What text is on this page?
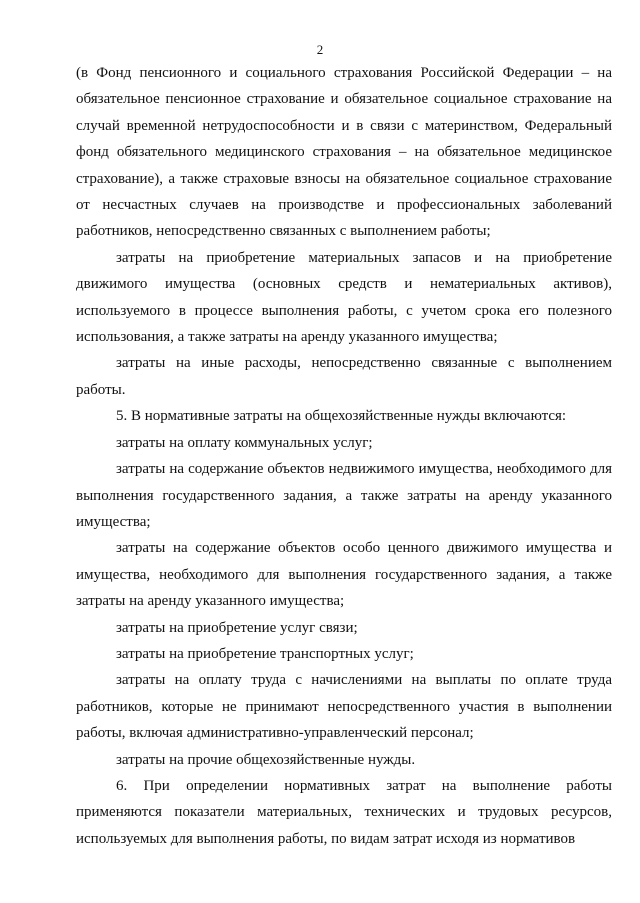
2

(в Фонд пенсионного и социального страхования Российской Федерации – на обязательное пенсионное страхование и обязательное социальное страхование на случай временной нетрудоспособности и в связи с материнством, Федеральный фонд обязательного медицинского страхования – на обязательное медицинское страхование), а также страховые взносы на обязательное социальное страхование от несчастных случаев на производстве и профессиональных заболеваний работников, непосредственно связанных с выполнением работы;

затраты на приобретение материальных запасов и на приобретение движимого имущества (основных средств и нематериальных активов), используемого в процессе выполнения работы, с учетом срока его полезного использования, а также затраты на аренду указанного имущества;

затраты на иные расходы, непосредственно связанные с выполнением работы.

5. В нормативные затраты на общехозяйственные нужды включаются:

затраты на оплату коммунальных услуг;

затраты на содержание объектов недвижимого имущества, необходимого для выполнения государственного задания, а также затраты на аренду указанного имущества;

затраты на содержание объектов особо ценного движимого имущества и имущества, необходимого для выполнения государственного задания, а также затраты на аренду указанного имущества;

затраты на приобретение услуг связи;

затраты на приобретение транспортных услуг;

затраты на оплату труда с начислениями на выплаты по оплате труда работников, которые не принимают непосредственного участия в выполнении работы, включая административно-управленческий персонал;

затраты на прочие общехозяйственные нужды.

6. При определении нормативных затрат на выполнение работы применяются показатели материальных, технических и трудовых ресурсов, используемых для выполнения работы, по видам затрат исходя из нормативов
